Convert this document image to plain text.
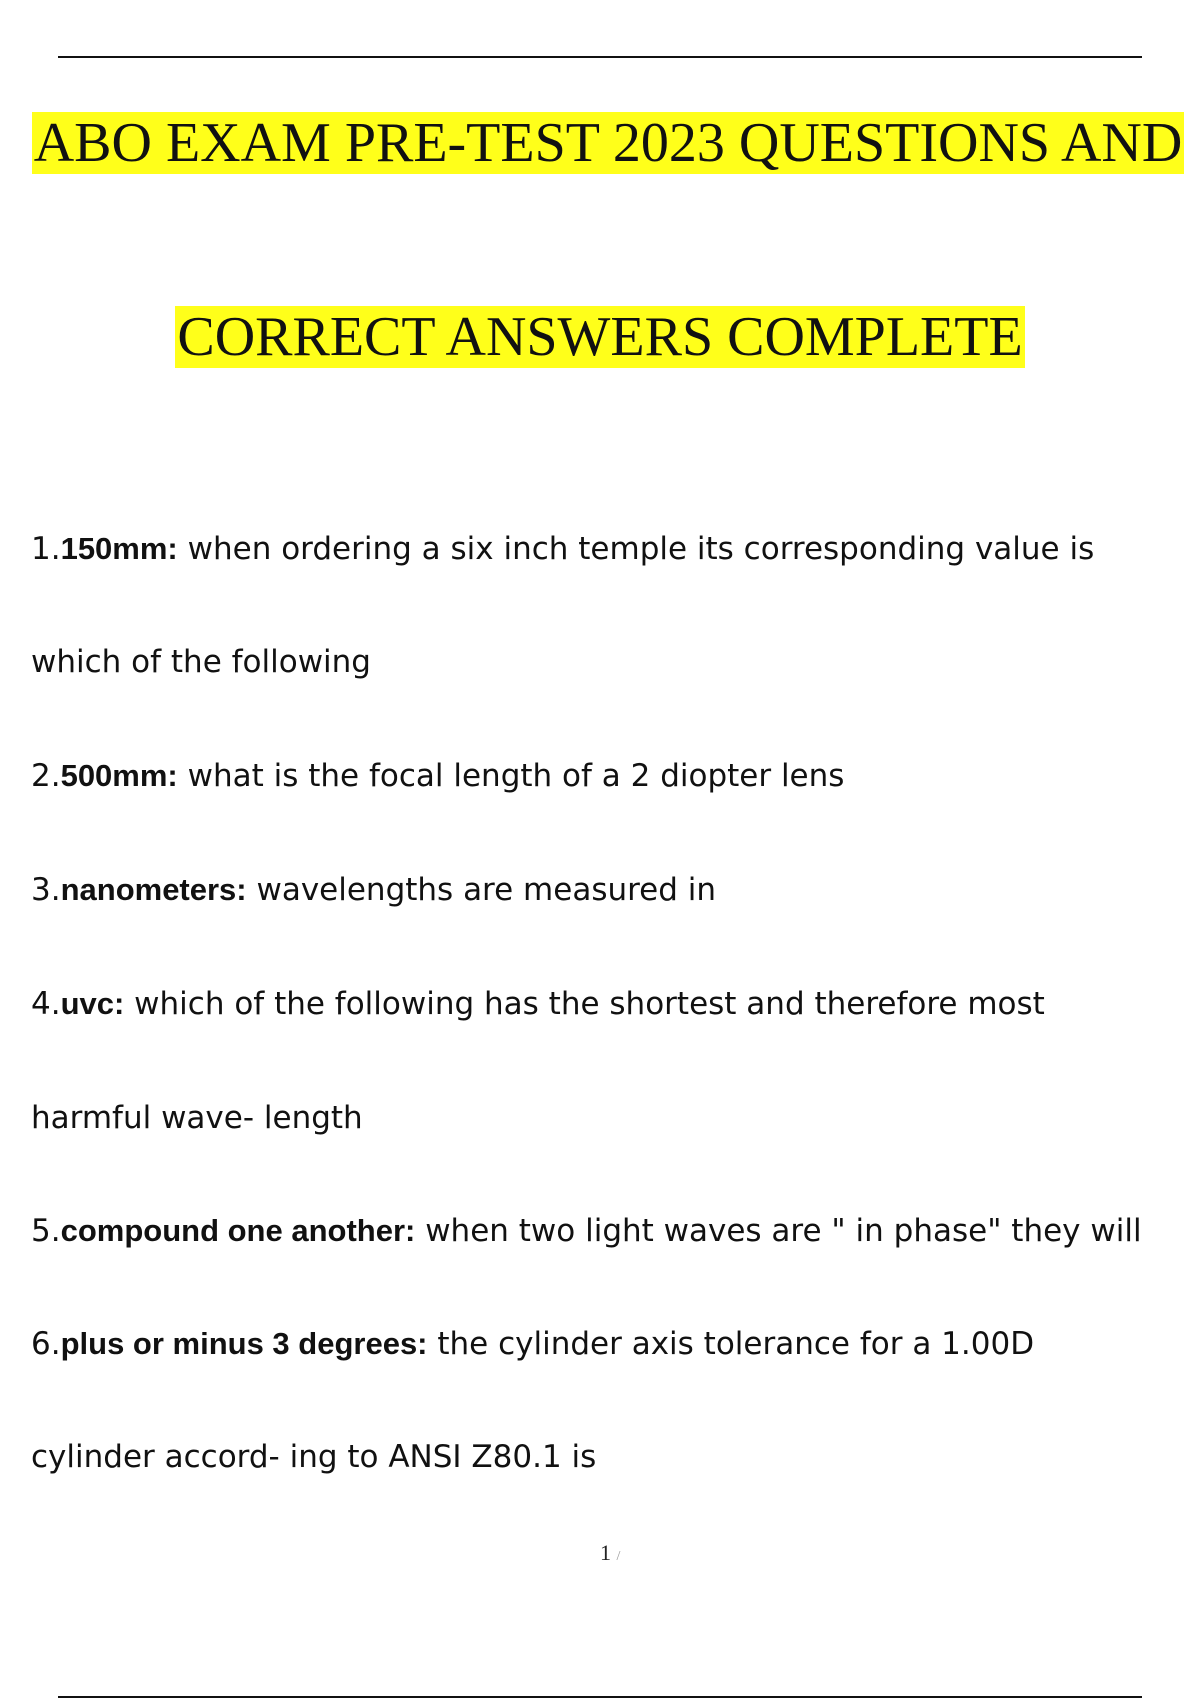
ABO EXAM PRE-TEST 2023 QUESTIONS AND
CORRECT ANSWERS COMPLETE
1.150mm: when ordering a six inch temple its corresponding value is
which of the following
2.500mm: what is the focal length of a 2 diopter lens
3.nanometers: wavelengths are measured in
4.uvc: which of the following has the shortest and therefore most
harmful wave- length
5.compound one another: when two light waves are " in phase" they will
6.plus or minus 3 degrees: the cylinder axis tolerance for a 1.00D
cylinder accord- ing to ANSI Z80.1 is
1 /
